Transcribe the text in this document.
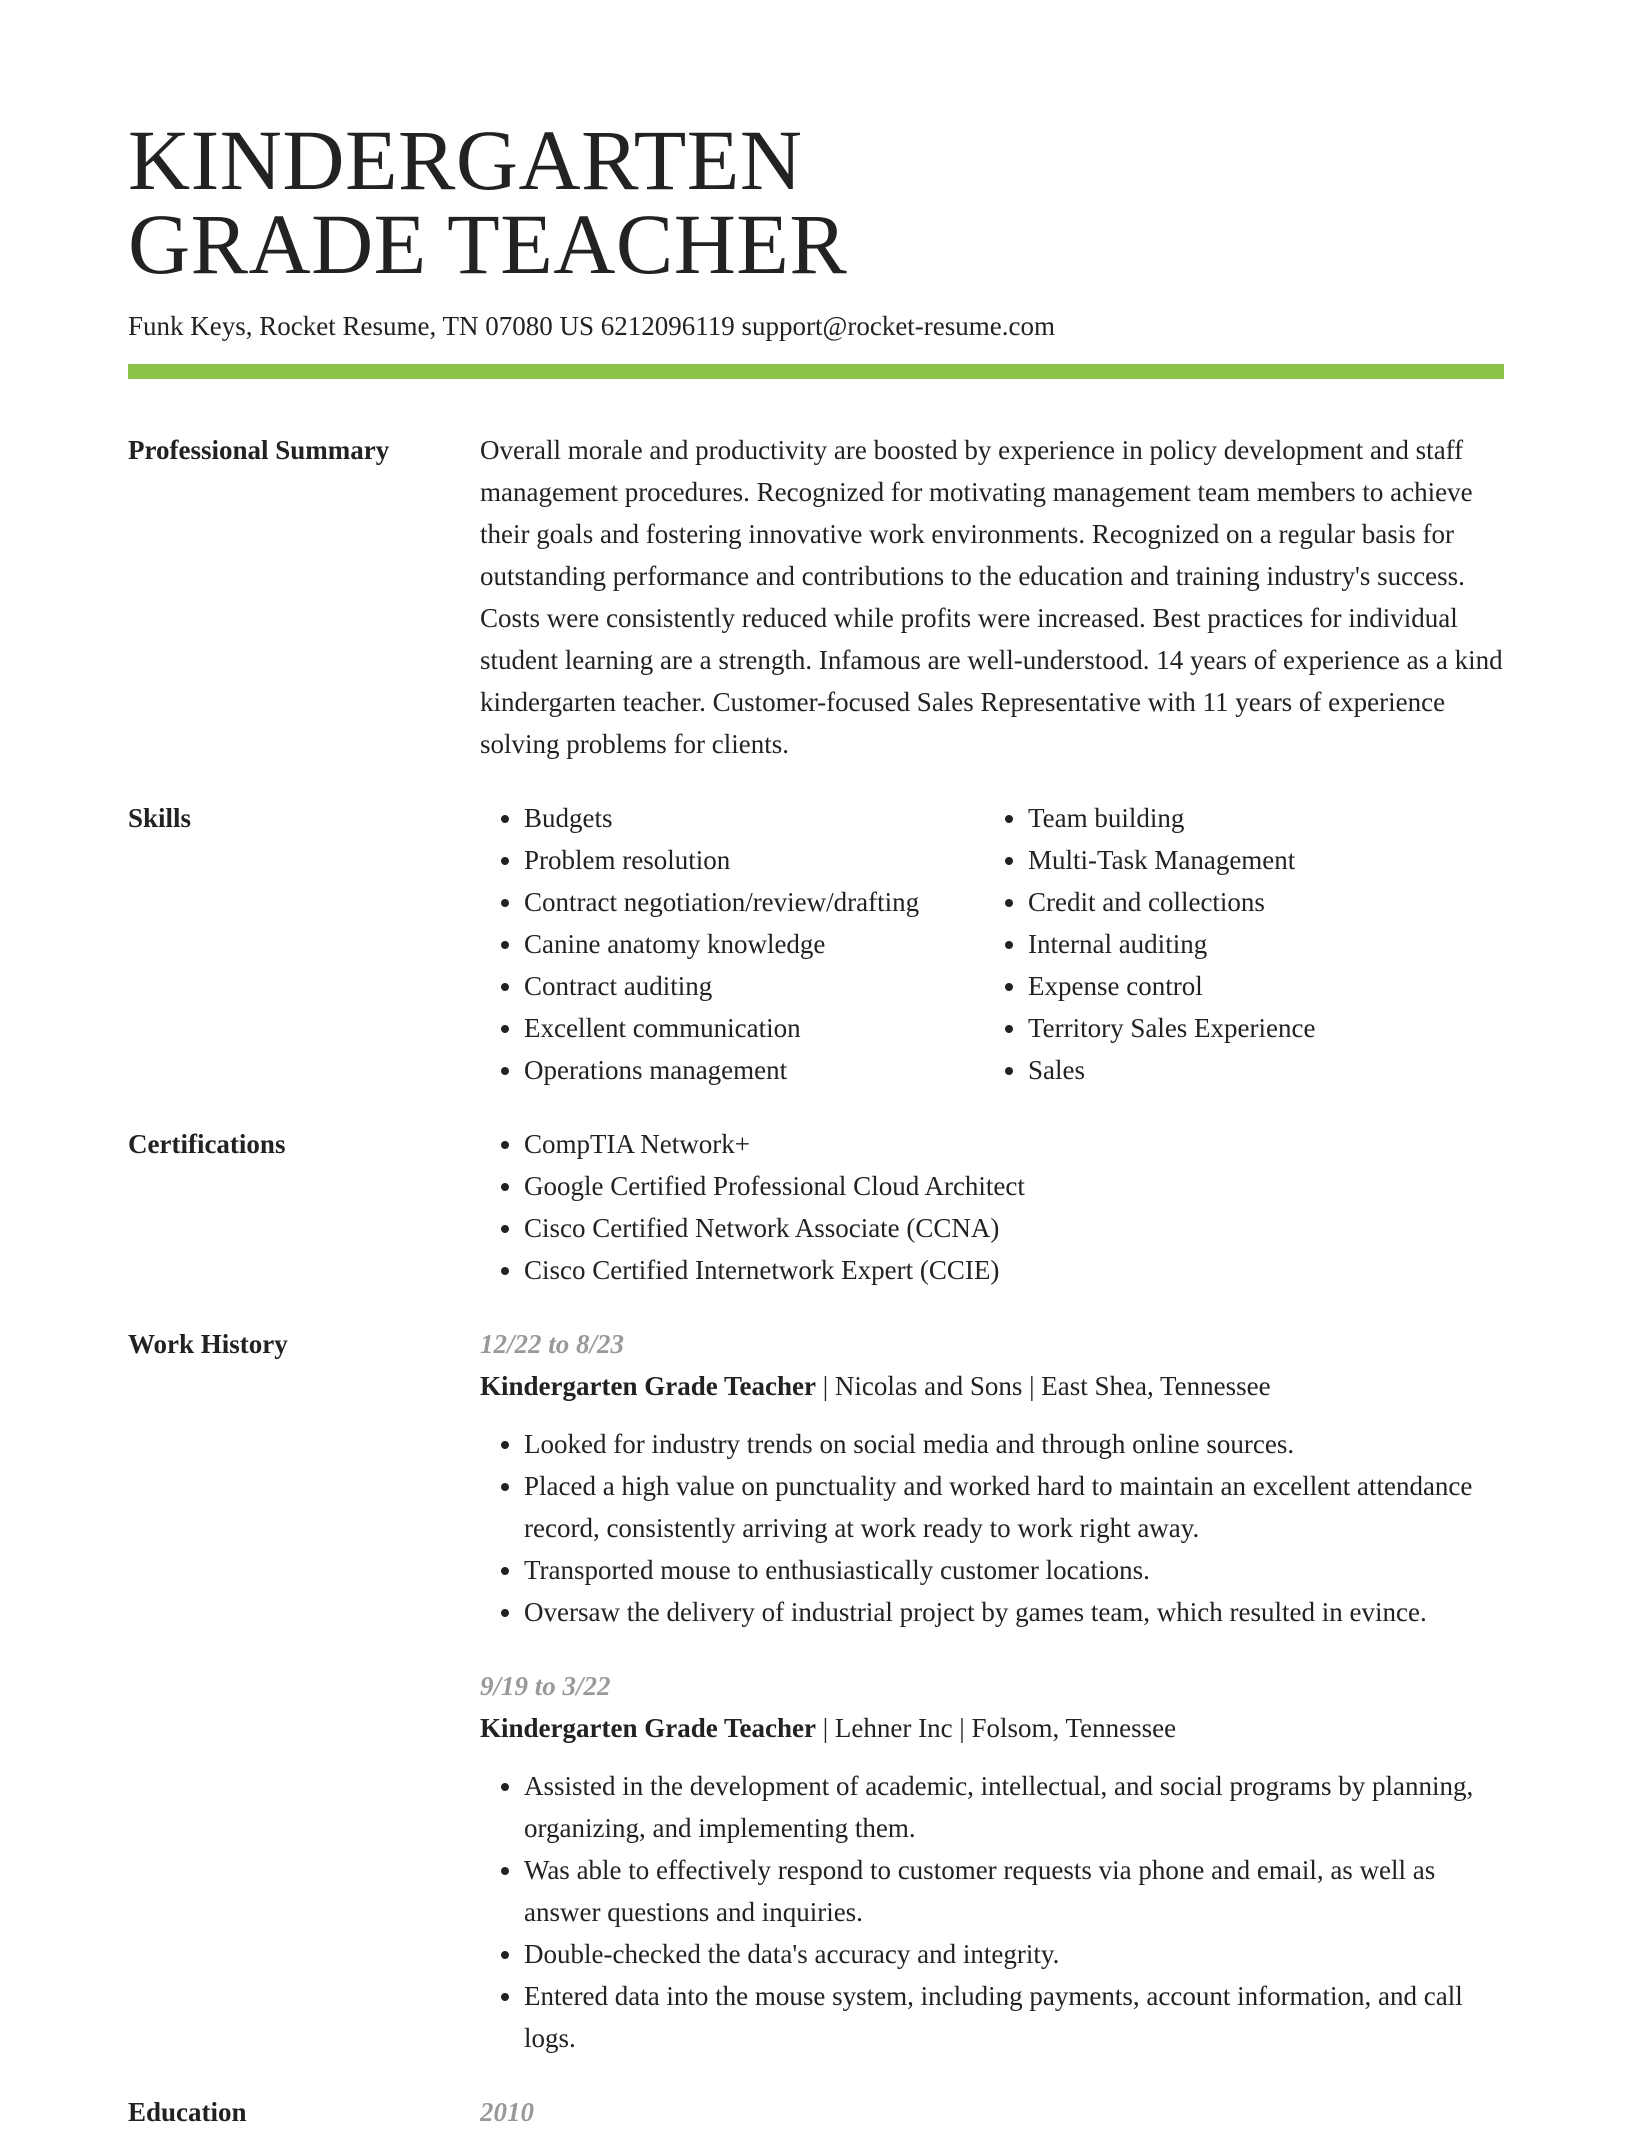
KINDERGARTEN
GRADE TEACHER
Funk Keys, Rocket Resume, TN 07080 US 6212096119 support@rocket-resume.com
Professional Summary	Overall morale and productivity are boosted by experience in policy development and staff management procedures. Recognized for motivating management team members to achieve their goals and fostering innovative work environments. Recognized on a regular basis for outstanding performance and contributions to the education and training industry's success. Costs were consistently reduced while profits were increased. Best practices for individual student learning are a strength. Infamous are well-understood. 14 years of experience as a kind kindergarten teacher. Customer-focused Sales Representative with 11 years of experience solving problems for clients.

Skills	• Budgets
• Problem resolution
• Contract negotiation/review/drafting
• Canine anatomy knowledge
• Contract auditing
• Excellent communication
• Operations management
• Team building
• Multi-Task Management
• Credit and collections
• Internal auditing
• Expense control
• Territory Sales Experience
• Sales
Certifications	• CompTIA Network+
• Google Certified Professional Cloud Architect
• Cisco Certified Network Associate (CCNA)
• Cisco Certified Internetwork Expert (CCIE)
Work History	12/22 to 8/23
Kindergarten Grade Teacher | Nicolas and Sons | East Shea, Tennessee
• Looked for industry trends on social media and through online sources.
• Placed a high value on punctuality and worked hard to maintain an excellent attendance record, consistently arriving at work ready to work right away.
• Transported mouse to enthusiastically customer locations.
• Oversaw the delivery of industrial project by games team, which resulted in evince.
9/19 to 3/22
Kindergarten Grade Teacher | Lehner Inc | Folsom, Tennessee
• Assisted in the development of academic, intellectual, and social programs by planning, organizing, and implementing them.
• Was able to effectively respond to customer requests via phone and email, as well as answer questions and inquiries.
• Double-checked the data's accuracy and integrity.
• Entered data into the mouse system, including payments, account information, and call logs.
Education	2010
